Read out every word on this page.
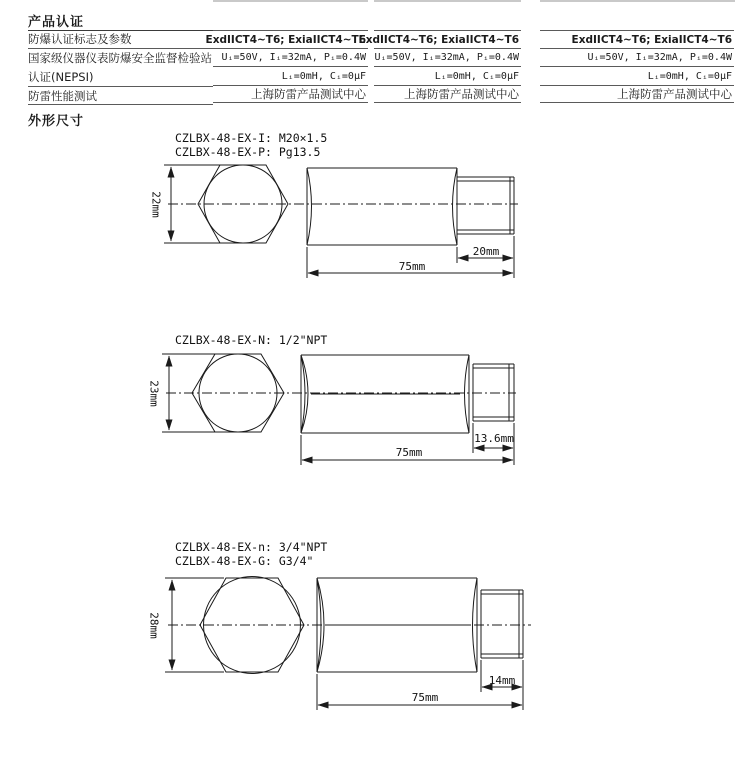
产品认证
防爆认证标志及参数
国家级仪器仪表防爆安全监督检验站
认证(NEPSI)
防雷性能测试
ExdIICT4~T6; ExiaIICT4~T6
Uᵢ=50V, Iᵢ=32mA, Pᵢ=0.4W
Lᵢ=0mH, Cᵢ=0μF
上海防雷产品测试中心
ExdIICT4~T6; ExiaIICT4~T6
Uᵢ=50V, Iᵢ=32mA, Pᵢ=0.4W
Lᵢ=0mH, Cᵢ=0μF
上海防雷产品测试中心
ExdIICT4~T6; ExiaIICT4~T6
Uᵢ=50V, Iᵢ=32mA, Pᵢ=0.4W
Lᵢ=0mH, Cᵢ=0μF
上海防雷产品测试中心
外形尺寸
CZLBX-48-EX-I: M20×1.5
CZLBX-48-EX-P: Pg13.5
CZLBX-48-EX-N: 1/2"NPT
CZLBX-48-EX-n: 3/4"NPT
CZLBX-48-EX-G: G3/4"
22mm
20mm
75mm
23mm
13.6mm
75mm
28mm
14mm
75mm
